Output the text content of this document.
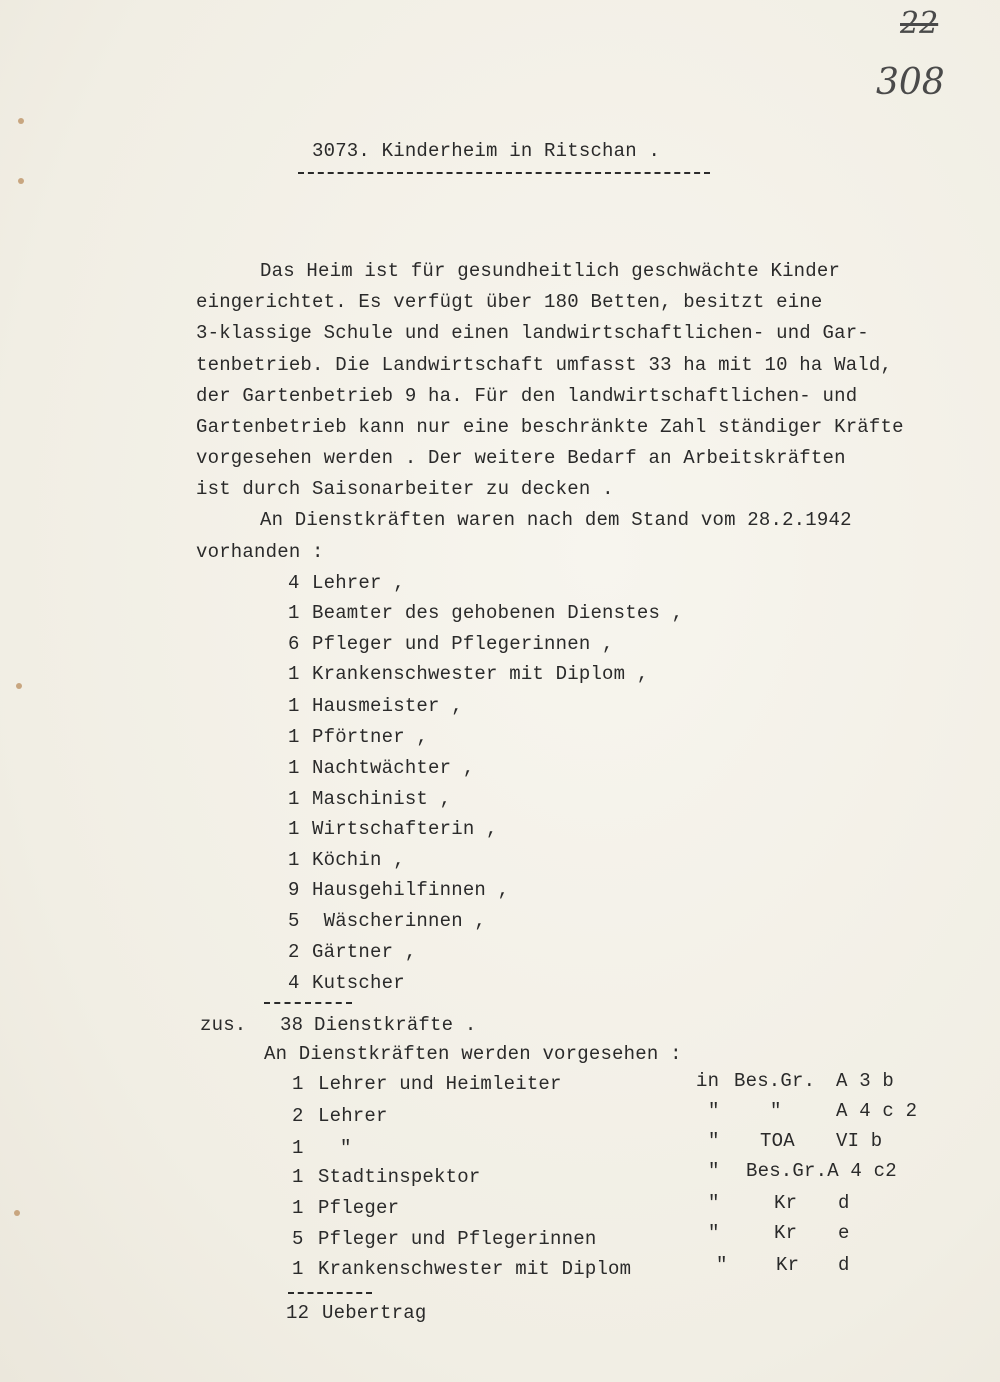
22
308
3073. Kinderheim in Ritschan .
Das Heim ist für gesundheitlich geschwächte Kinder
eingerichtet. Es verfügt über 180 Betten, besitzt eine
3-klassige Schule und einen landwirtschaftlichen- und Gar-
tenbetrieb. Die Landwirtschaft umfasst 33 ha mit 10 ha Wald,
der Gartenbetrieb 9 ha. Für den landwirtschaftlichen- und
Gartenbetrieb kann nur eine beschränkte Zahl ständiger Kräfte
vorgesehen werden . Der weitere Bedarf an Arbeitskräften
ist durch Saisonarbeiter zu decken .
An Dienstkräften waren nach dem Stand vom 28.2.1942
vorhanden :
4 Lehrer ,
1 Beamter des gehobenen Dienstes ,
6 Pfleger und Pflegerinnen ,
1 Krankenschwester mit Diplom ,
1 Hausmeister ,
1 Pförtner ,
1 Nachtwächter ,
1 Maschinist ,
1 Wirtschafterin ,
1 Köchin ,
9 Hausgehilfinnen ,
5 Wäscherinnen ,
2 Gärtner ,
4 Kutscher
zus. 38 Dienstkräfte .
An Dienstkräften werden vorgesehen :
1 Lehrer und Heimleiter	in Bes.Gr. A 3 b
2 Lehrer	"	"	A 4 c 2
1 "	" TOA VI b
1 Stadtinspektor	" Bes.Gr.A 4 c2
1 Pfleger	"	Kr d
5 Pfleger und Pflegerinnen	"	Kr e
1 Krankenschwester mit Diplom	"	Kr d
12 Uebertrag
